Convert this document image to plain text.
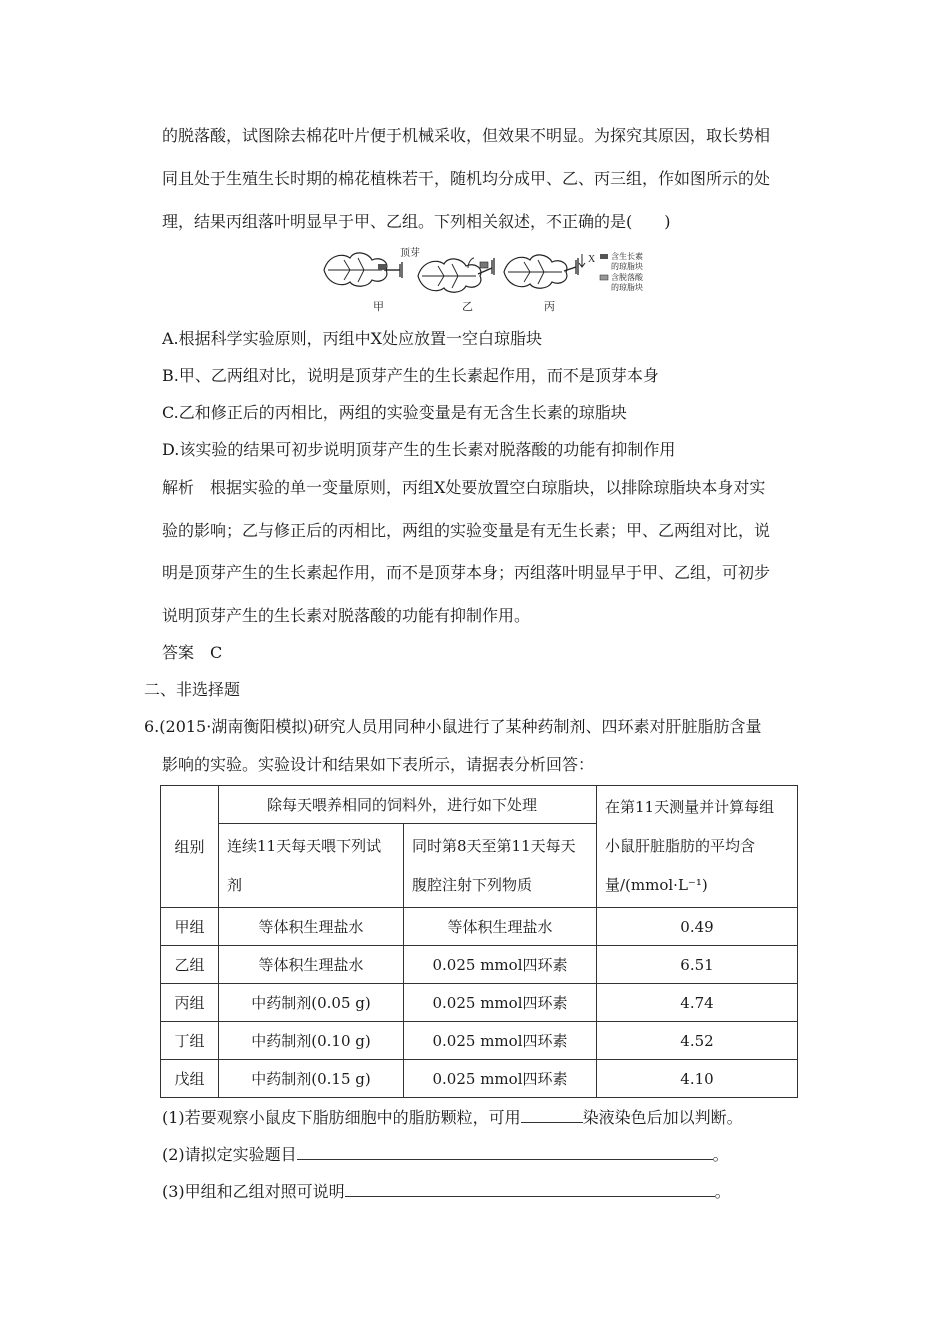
的脱落酸，试图除去棉花叶片便于机械采收，但效果不明显。为探究其原因，取长势相
同且处于生殖生长时期的棉花植株若干，随机均分成甲、乙、丙三组，作如图所示的处
理，结果丙组落叶明显早于甲、乙组。下列相关叙述，不正确的是(　　)
顶芽
X
甲	乙	丙
含生长素
的琼脂块
含脱落酸
的琼脂块
A.根据科学实验原则，丙组中X处应放置一空白琼脂块
B.甲、乙两组对比，说明是顶芽产生的生长素起作用，而不是顶芽本身
C.乙和修正后的丙相比，两组的实验变量是有无含生长素的琼脂块
D.该实验的结果可初步说明顶芽产生的生长素对脱落酸的功能有抑制作用
解析　根据实验的单一变量原则，丙组X处要放置空白琼脂块，以排除琼脂块本身对实
验的影响；乙与修正后的丙相比，两组的实验变量是有无生长素；甲、乙两组对比，说
明是顶芽产生的生长素起作用，而不是顶芽本身；丙组落叶明显早于甲、乙组，可初步
说明顶芽产生的生长素对脱落酸的功能有抑制作用。
答案　C
二、非选择题
6.(2015·湖南衡阳模拟)研究人员用同种小鼠进行了某种药制剂、四环素对肝脏脂肪含量
影响的实验。实验设计和结果如下表所示，请据表分析回答：
组别	除每天喂养相同的饲料外，进行如下处理		在第11天测量并计算每组小鼠肝脏脂肪的平均含量/(mmol·L⁻¹)
	连续11天每天喂下列试剂	同时第8天至第11天每天腹腔注射下列物质	
甲组	等体积生理盐水	等体积生理盐水	0.49
乙组	等体积生理盐水	0.025 mmol四环素	6.51
丙组	中药制剂(0.05 g)	0.025 mmol四环素	4.74
丁组	中药制剂(0.10 g)	0.025 mmol四环素	4.52
戊组	中药制剂(0.15 g)	0.025 mmol四环素	4.10
(1)若要观察小鼠皮下脂肪细胞中的脂肪颗粒，可用	染液染色后加以判断。
(2)请拟定实验题目	。
(3)甲组和乙组对照可说明	。
